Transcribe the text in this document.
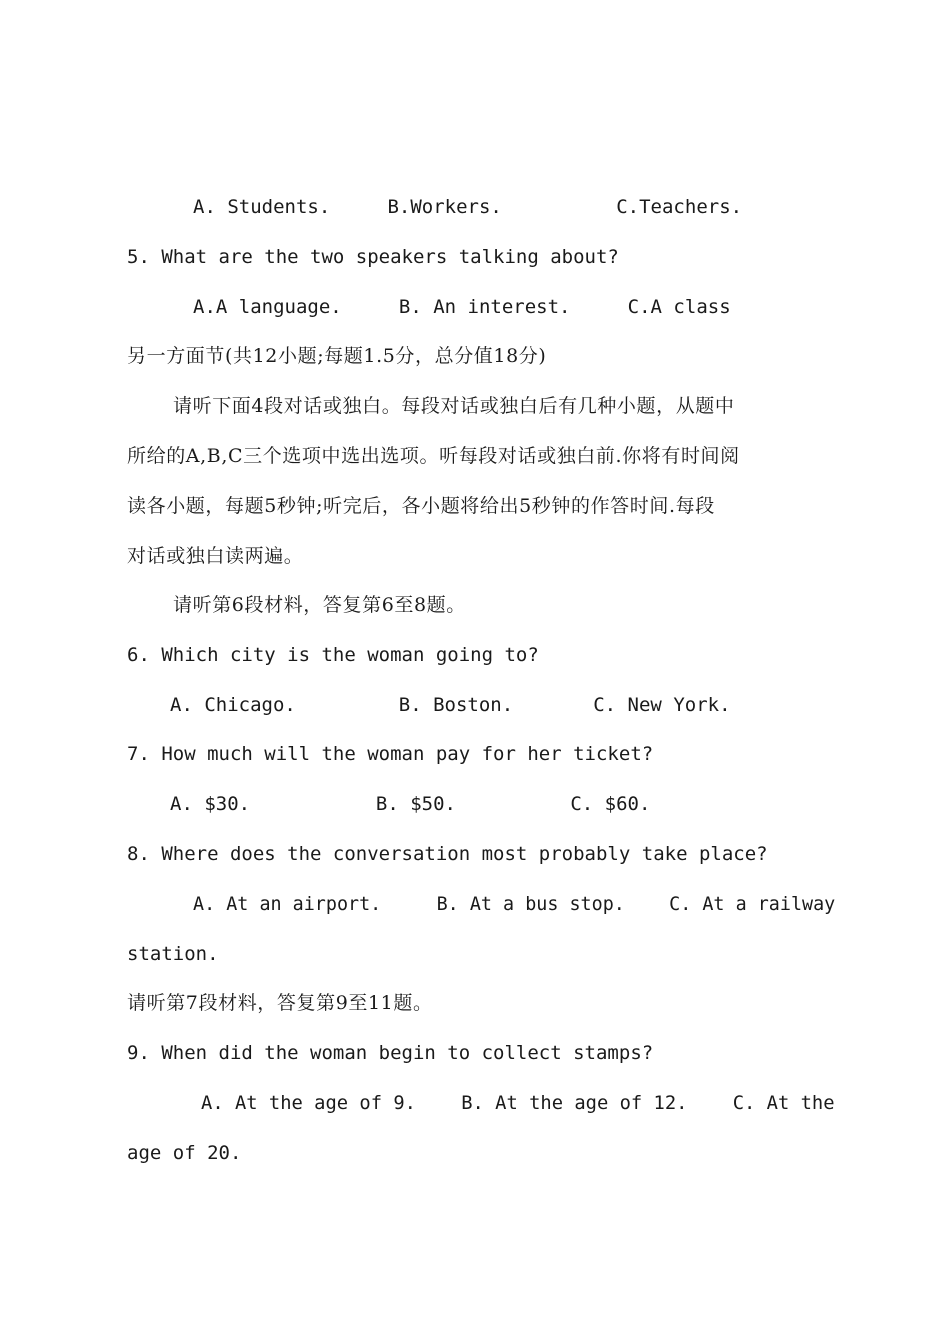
A. Students.     B.Workers.          C.Teachers.
5. What are the two speakers talking about?
A.A language.     B. An interest.     C.A class
另一方面节(共12小题;每题1.5分，总分值18分)
请听下面4段对话或独白。每段对话或独白后有几种小题，从题中
所给的A,B,C三个选项中选出选项。听每段对话或独白前.你将有时间阅
读各小题，每题5秒钟;听完后，各小题将给出5秒钟的作答时间.每段
对话或独白读两遍。
请听第6段材料，答复第6至8题。
6. Which city is the woman going to?
A. Chicago.         B. Boston.       C. New York.
7. How much will the woman pay for her ticket?
A. $30.           B. $50.          C. $60.
8. Where does the conversation most probably take place?
A. At an airport.     B. At a bus stop.    C. At a railway
station.
请听第7段材料，答复第9至11题。
9. When did the woman begin to collect stamps?
A. At the age of 9.    B. At the age of 12.    C. At the
age of 20.
